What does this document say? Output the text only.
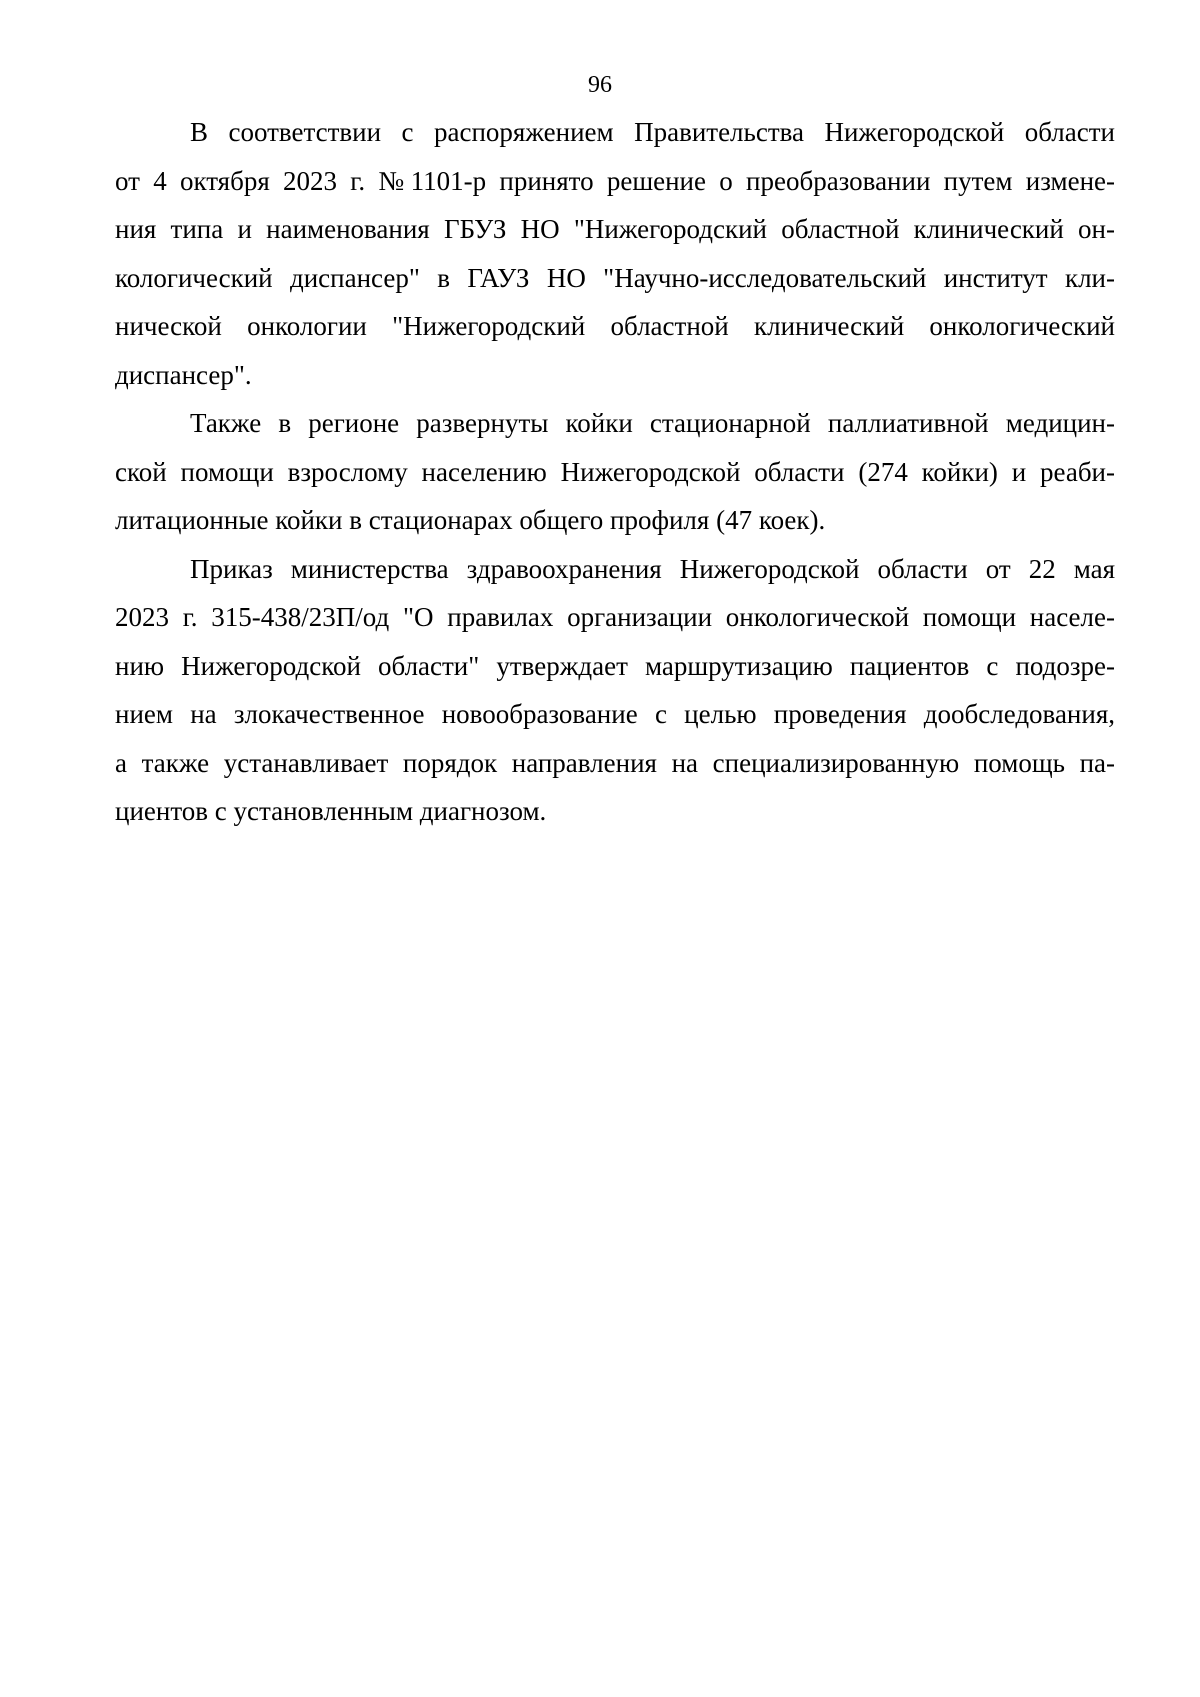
96
В соответствии с распоряжением Правительства Нижегородской области
от 4 октября 2023 г. №1101-р принято решение о преобразовании путем измене-
ния типа и наименования ГБУЗ НО "Нижегородский областной клинический он-
кологический диспансер" в ГАУЗ НО "Научно-исследовательский институт кли-
нической онкологии "Нижегородский областной клинический онкологический
диспансер".
Также в регионе развернуты койки стационарной паллиативной медицин-
ской помощи взрослому населению Нижегородской области (274 койки) и реаби-
литационные койки в стационарах общего профиля (47 коек).
Приказ министерства здравоохранения Нижегородской области от 22 мая
2023 г. 315-438/23П/од "О правилах организации онкологической помощи населе-
нию Нижегородской области" утверждает маршрутизацию пациентов с подозре-
нием на злокачественное новообразование с целью проведения дообследования,
а также устанавливает порядок направления на специализированную помощь па-
циентов с установленным диагнозом.
